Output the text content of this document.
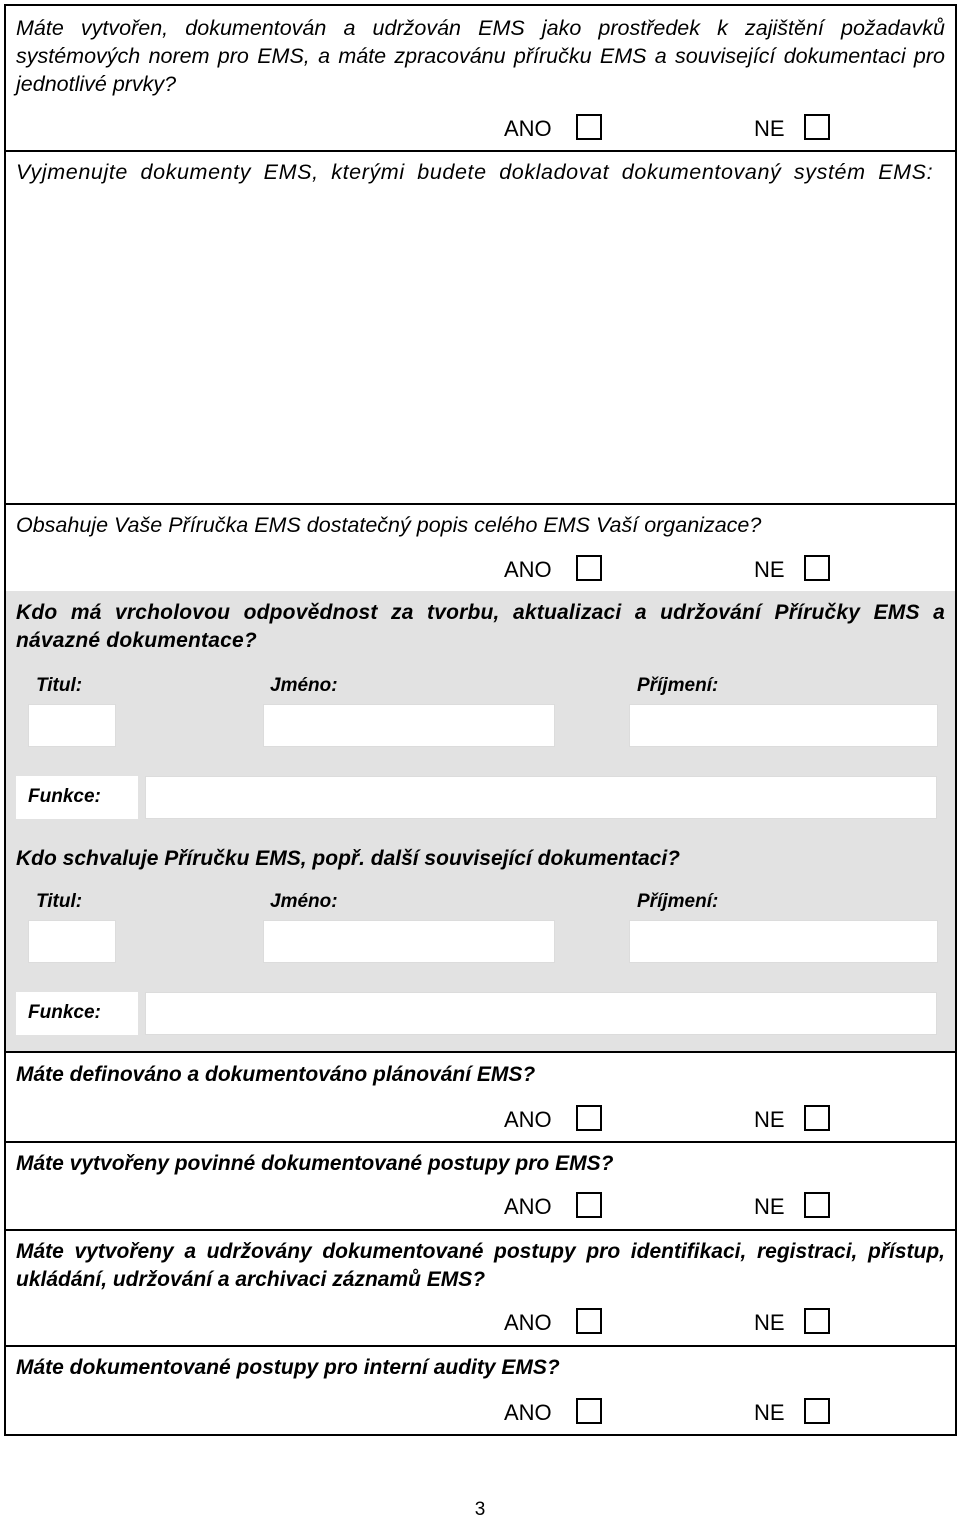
Máte vytvořen, dokumentován a udržován EMS jako prostředek k zajištění požadavků systémových norem pro EMS, a máte zpracovánu příručku EMS a související dokumentaci pro jednotlivé prvky?
ANO	NE
Vyjmenujte dokumenty EMS, kterými budete dokladovat dokumentovaný systém EMS:
Obsahuje Vaše Příručka EMS dostatečný popis celého EMS Vaší organizace?
ANO	NE
Kdo má vrcholovou odpovědnost za tvorbu, aktualizaci a udržování Příručky EMS a návazné dokumentace?
Titul:	Jméno:	Příjmení:
Funkce:
Kdo schvaluje Příručku EMS, popř. další související dokumentaci?
Titul:	Jméno:	Příjmení:
Funkce:
Máte definováno a dokumentováno plánování EMS?
ANO	NE
Máte vytvořeny povinné dokumentované postupy pro EMS?
ANO	NE
Máte vytvořeny a udržovány dokumentované postupy pro identifikaci, registraci, přístup, ukládání, udržování a archivaci záznamů EMS?
ANO	NE
Máte dokumentované postupy pro interní audity EMS?
ANO	NE
3
